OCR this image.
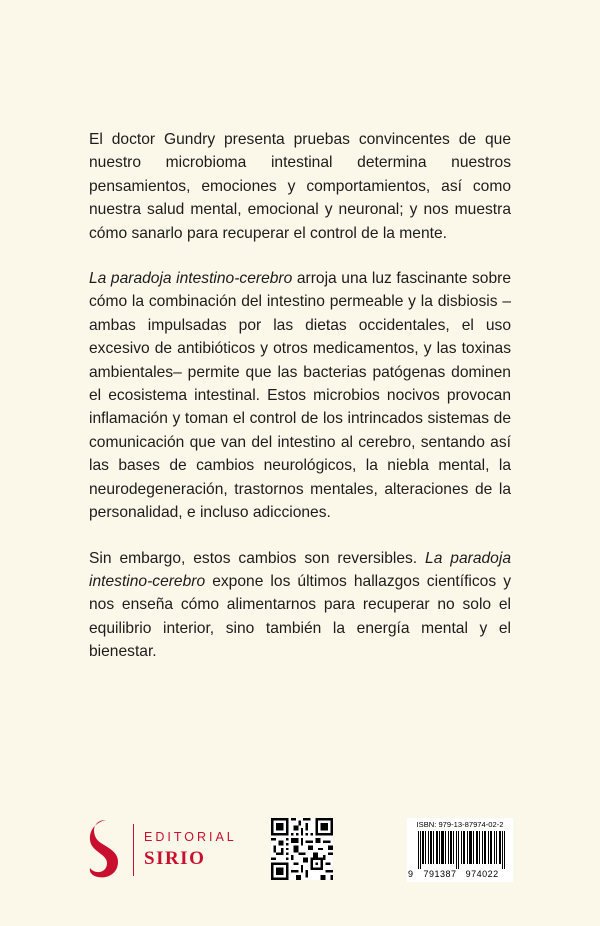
El doctor Gundry presenta pruebas convincentes de que nuestro microbioma intestinal determina nuestros pensamientos, emociones y comportamientos, así como nuestra salud mental, emocional y neuronal; y nos muestra cómo sanarlo para recuperar el control de la mente.

La paradoja intestino-cerebro arroja una luz fascinante sobre cómo la combinación del intestino permeable y la disbiosis –ambas impulsadas por las dietas occidentales, el uso excesivo de antibióticos y otros medicamentos, y las toxinas ambientales– permite que las bacterias patógenas dominen el ecosistema intestinal. Estos microbios nocivos provocan inflamación y toman el control de los intrincados sistemas de comunicación que van del intestino al cerebro, sentando así las bases de cambios neurológicos, la niebla mental, la neurodegeneración, trastornos mentales, alteraciones de la personalidad, e incluso adicciones.

Sin embargo, estos cambios son reversibles. La paradoja intestino-cerebro expone los últimos hallazgos científicos y nos enseña cómo alimentarnos para recuperar no solo el equilibrio interior, sino también la energía mental y el bienestar.

EDITORIAL
SIRIO
ISBN: 979-13-87974-02-2
9 791387 974022
